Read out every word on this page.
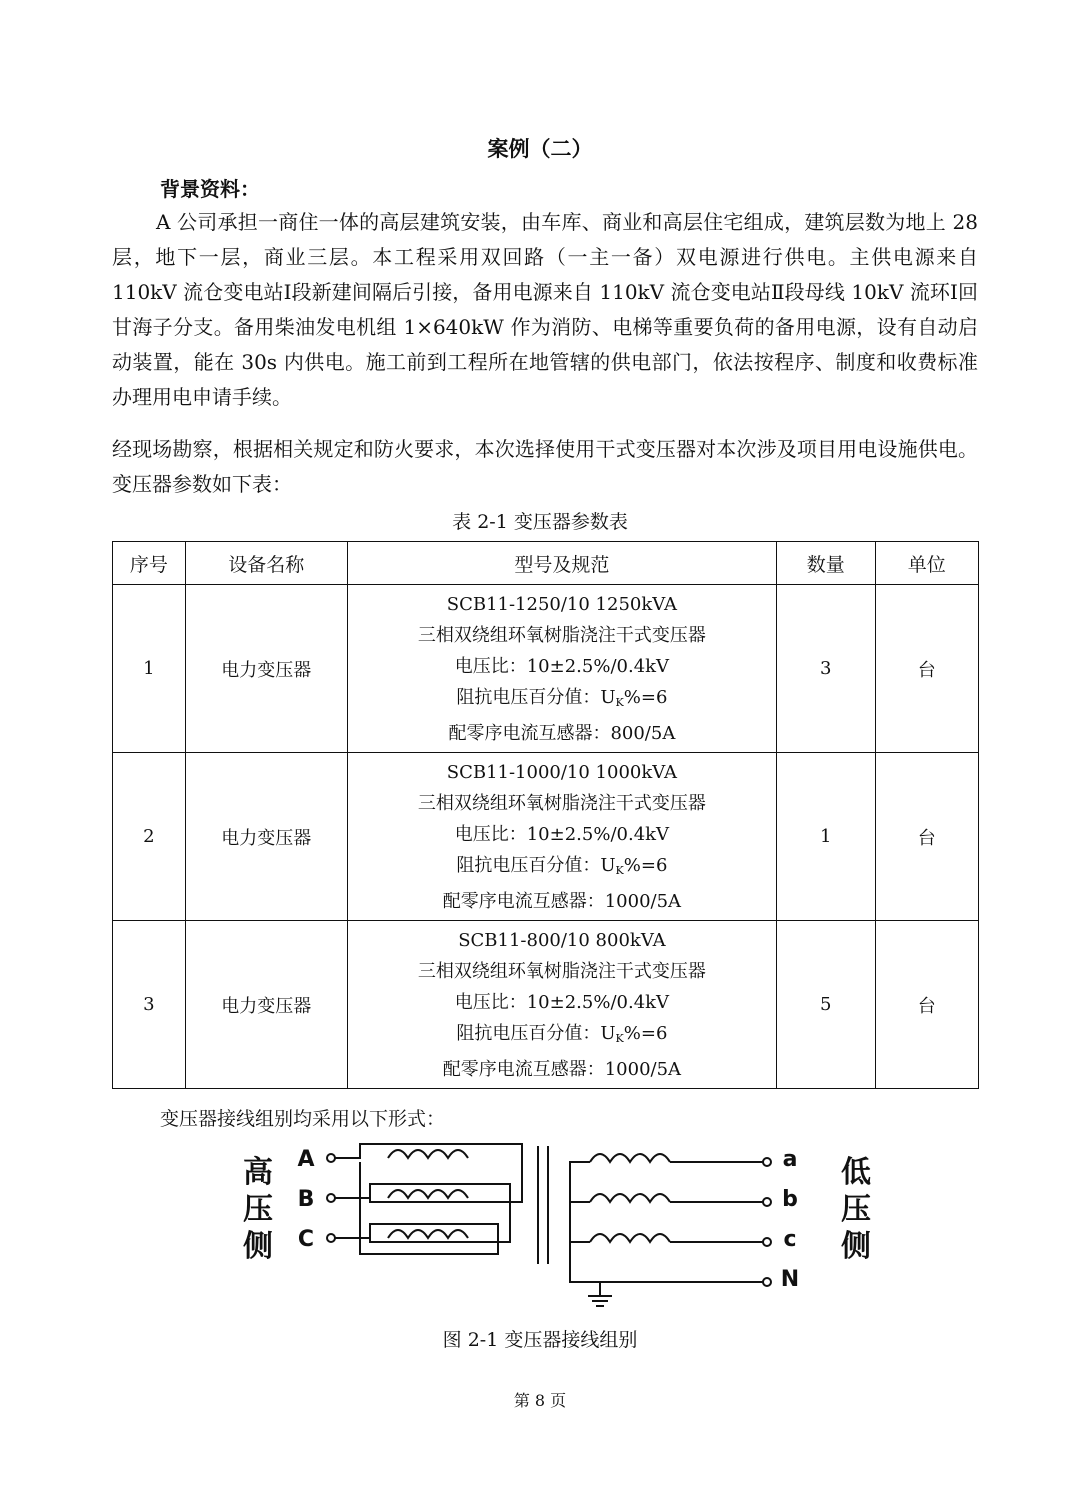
案例（二）
背景资料：

A 公司承担一商住一体的高层建筑安装，由车库、商业和高层住宅组成，建筑层数为地上 28 层，地下一层，商业三层。本工程采用双回路（一主一备）双电源进行供电。主供电源来自 110kV 流仓变电站Ⅰ段新建间隔后引接，备用电源来自 110kV 流仓变电站Ⅱ段母线 10kV 流环Ⅰ回甘海子分支。备用柴油发电机组 1×640kW 作为消防、电梯等重要负荷的备用电源，设有自动启动装置，能在 30s 内供电。施工前到工程所在地管辖的供电部门，依法按程序、制度和收费标准办理用电申请手续。

经现场勘察，根据相关规定和防火要求，本次选择使用干式变压器对本次涉及项目用电设施供电。变压器参数如下表：

表 2-1 变压器参数表
序号	设备名称	型号及规范	数量	单位
1	电力变压器	SCB11-1250/10 1250kVA
三相双绕组环氧树脂浇注干式变压器
电压比：10±2.5%/0.4kV
阻抗电压百分值：$U_K\%=6$
配零序电流互感器：800/5A	3	台
2	电力变压器	SCB11-1000/10 1000kVA
三相双绕组环氧树脂浇注干式变压器
电压比：10±2.5%/0.4kV
阻抗电压百分值：$U_K\%=6$
配零序电流互感器：1000/5A	1	台
3	电力变压器	SCB11-800/10 800kVA
三相双绕组环氧树脂浇注干式变压器
电压比：10±2.5%/0.4kV
阻抗电压百分值：$U_K\%=6$
配零序电流互感器：1000/5A	5	台
变压器接线组别均采用以下形式：
高
压
侧
低
压
侧
A
B
C
a
b
c
N
图 2-1 变压器接线组别
第 8 页
